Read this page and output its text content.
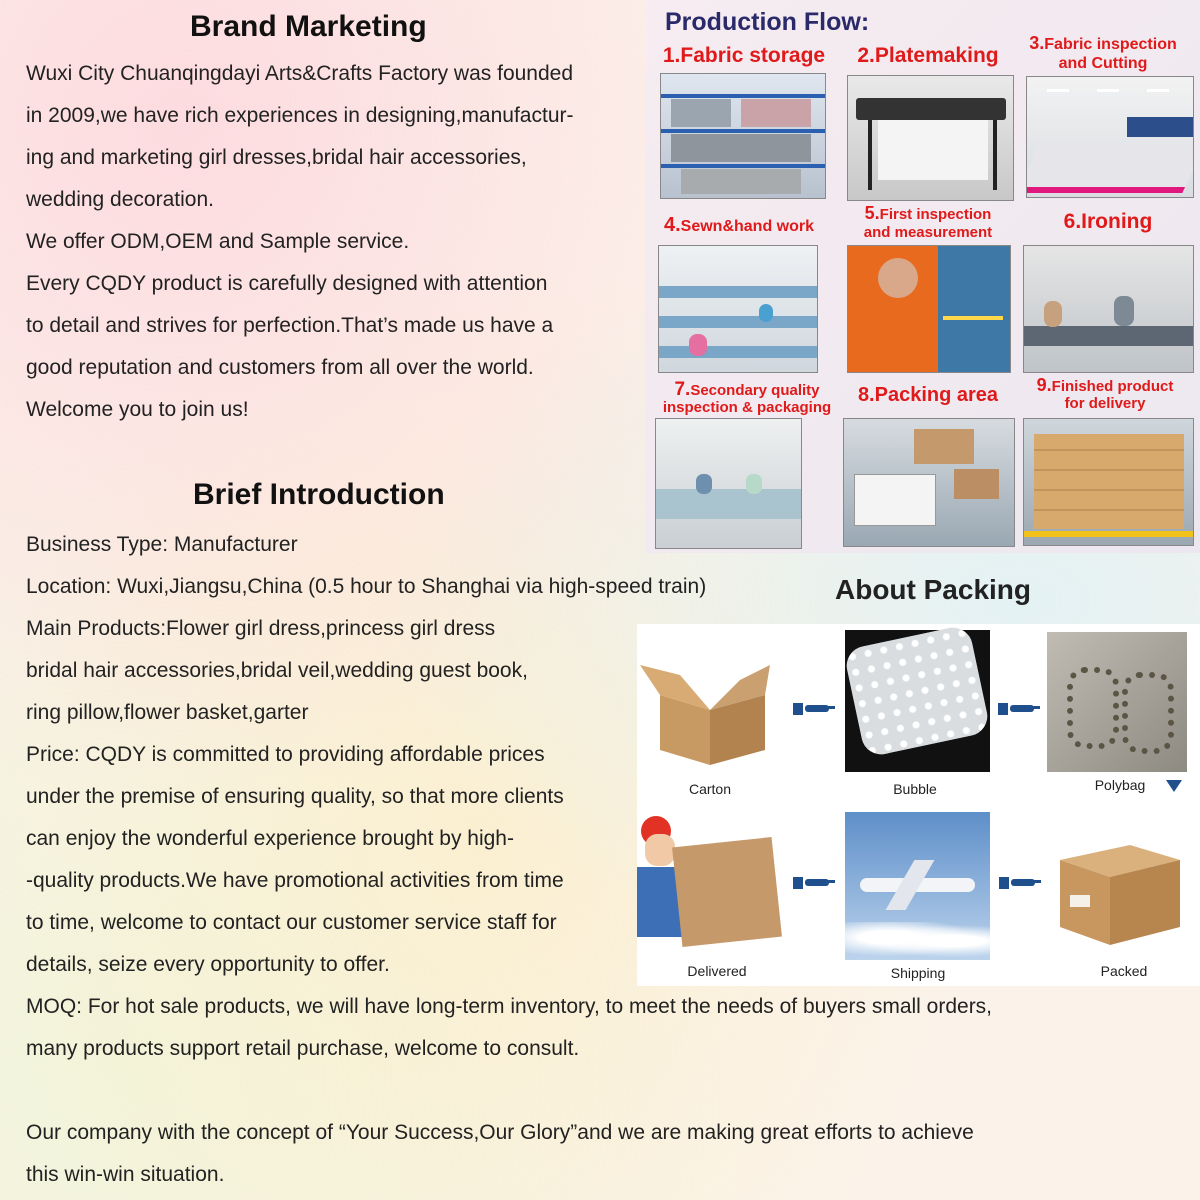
Brand Marketing

Wuxi City Chuanqingdayi Arts&Crafts Factory was founded

in 2009,we have rich experiences in designing,manufactur-

ing and marketing girl dresses,bridal hair accessories,

wedding decoration.

We offer ODM,OEM and Sample service.

Every CQDY product is carefully designed with attention

to detail and strives for perfection.That’s made us have a

good reputation and customers from all over the world.

Welcome you to join us!

Brief Introduction

Business Type: Manufacturer

Location: Wuxi,Jiangsu,China (0.5 hour to Shanghai via high-speed train)

Main Products:Flower girl dress,princess girl dress

bridal hair accessories,bridal veil,wedding guest book,

ring pillow,flower basket,garter

Price: CQDY is committed to providing affordable prices

under the premise of ensuring quality, so that more clients

can enjoy the wonderful experience brought by high-

-quality products.We have promotional activities from time

to time, welcome to contact our customer service staff for

details, seize every opportunity to offer.

MOQ: For hot sale products, we will have long-term inventory, to meet the needs of buyers small orders,

many products support retail purchase, welcome to consult.

Our company with the concept of “Your Success,Our Glory”and we are making great efforts to achieve

this win-win situation.

Production Flow:
1.Fabric storage	2.Platemaking
3.Fabric inspection
and Cutting
4.Sewn&hand work
5.First inspection
and measurement	6.Ironing
7.Secondary quality
inspection & packaging
8.Packing area	9.Finished product
for delivery
About Packing
Carton	Bubble	Polybag
Delivered	Shipping	Packed
